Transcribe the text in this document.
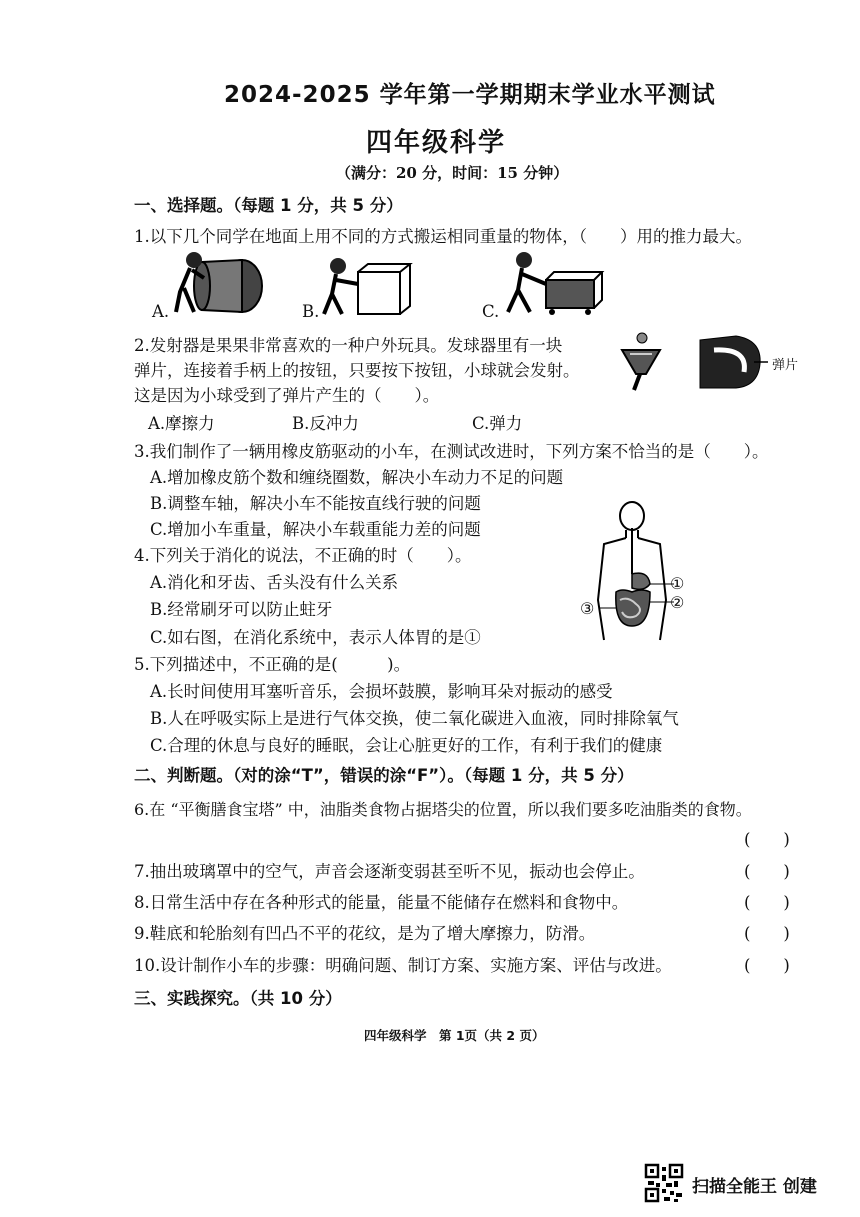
2024-2025 学年第一学期期末学业水平测试
四年级科学
（满分：20 分，时间：15 分钟）
一、选择题。（每题 1 分，共 5 分）
1.以下几个同学在地面上用不同的方式搬运相同重量的物体，（　　）用的推力最大。
A.	B.	C.
2.发射器是果果非常喜欢的一种户外玩具。发球器里有一块
弹片，连接着手柄上的按钮，只要按下按钮，小球就会发射。
这是因为小球受到了弹片产生的（　　）。
A.摩擦力	B.反冲力	C.弹力
弹片
3.我们制作了一辆用橡皮筋驱动的小车，在测试改进时，下列方案不恰当的是（　　）。
A.增加橡皮筋个数和缠绕圈数，解决小车动力不足的问题
B.调整车轴，解决小车不能按直线行驶的问题
C.增加小车重量，解决小车载重能力差的问题
4.下列关于消化的说法，不正确的时（　　）。
A.消化和牙齿、舌头没有什么关系
B.经常刷牙可以防止蛀牙
C.如右图，在消化系统中，表示人体胃的是①
①
②
③
5.下列描述中，不正确的是(　　　)。
A.长时间使用耳塞听音乐，会损坏鼓膜，影响耳朵对振动的感受
B.人在呼吸实际上是进行气体交换，使二氧化碳进入血液，同时排除氧气
C.合理的休息与良好的睡眠，会让心脏更好的工作，有利于我们的健康
二、判断题。（对的涂“T”，错误的涂“F”）。（每题 1 分，共 5 分）
6.在 “平衡膳食宝塔” 中，油脂类食物占据塔尖的位置，所以我们要多吃油脂类的食物。
(　　)
7.抽出玻璃罩中的空气，声音会逐渐变弱甚至听不见，振动也会停止。	(　　)
8.日常生活中存在各种形式的能量，能量不能储存在燃料和食物中。	(　　)
9.鞋底和轮胎刻有凹凸不平的花纹，是为了增大摩擦力，防滑。	(　　)
10.设计制作小车的步骤：明确问题、制订方案、实施方案、评估与改进。	(　　)
三、实践探究。（共 10 分）
四年级科学　第 1页（共 2 页）
扫描全能王 创建
